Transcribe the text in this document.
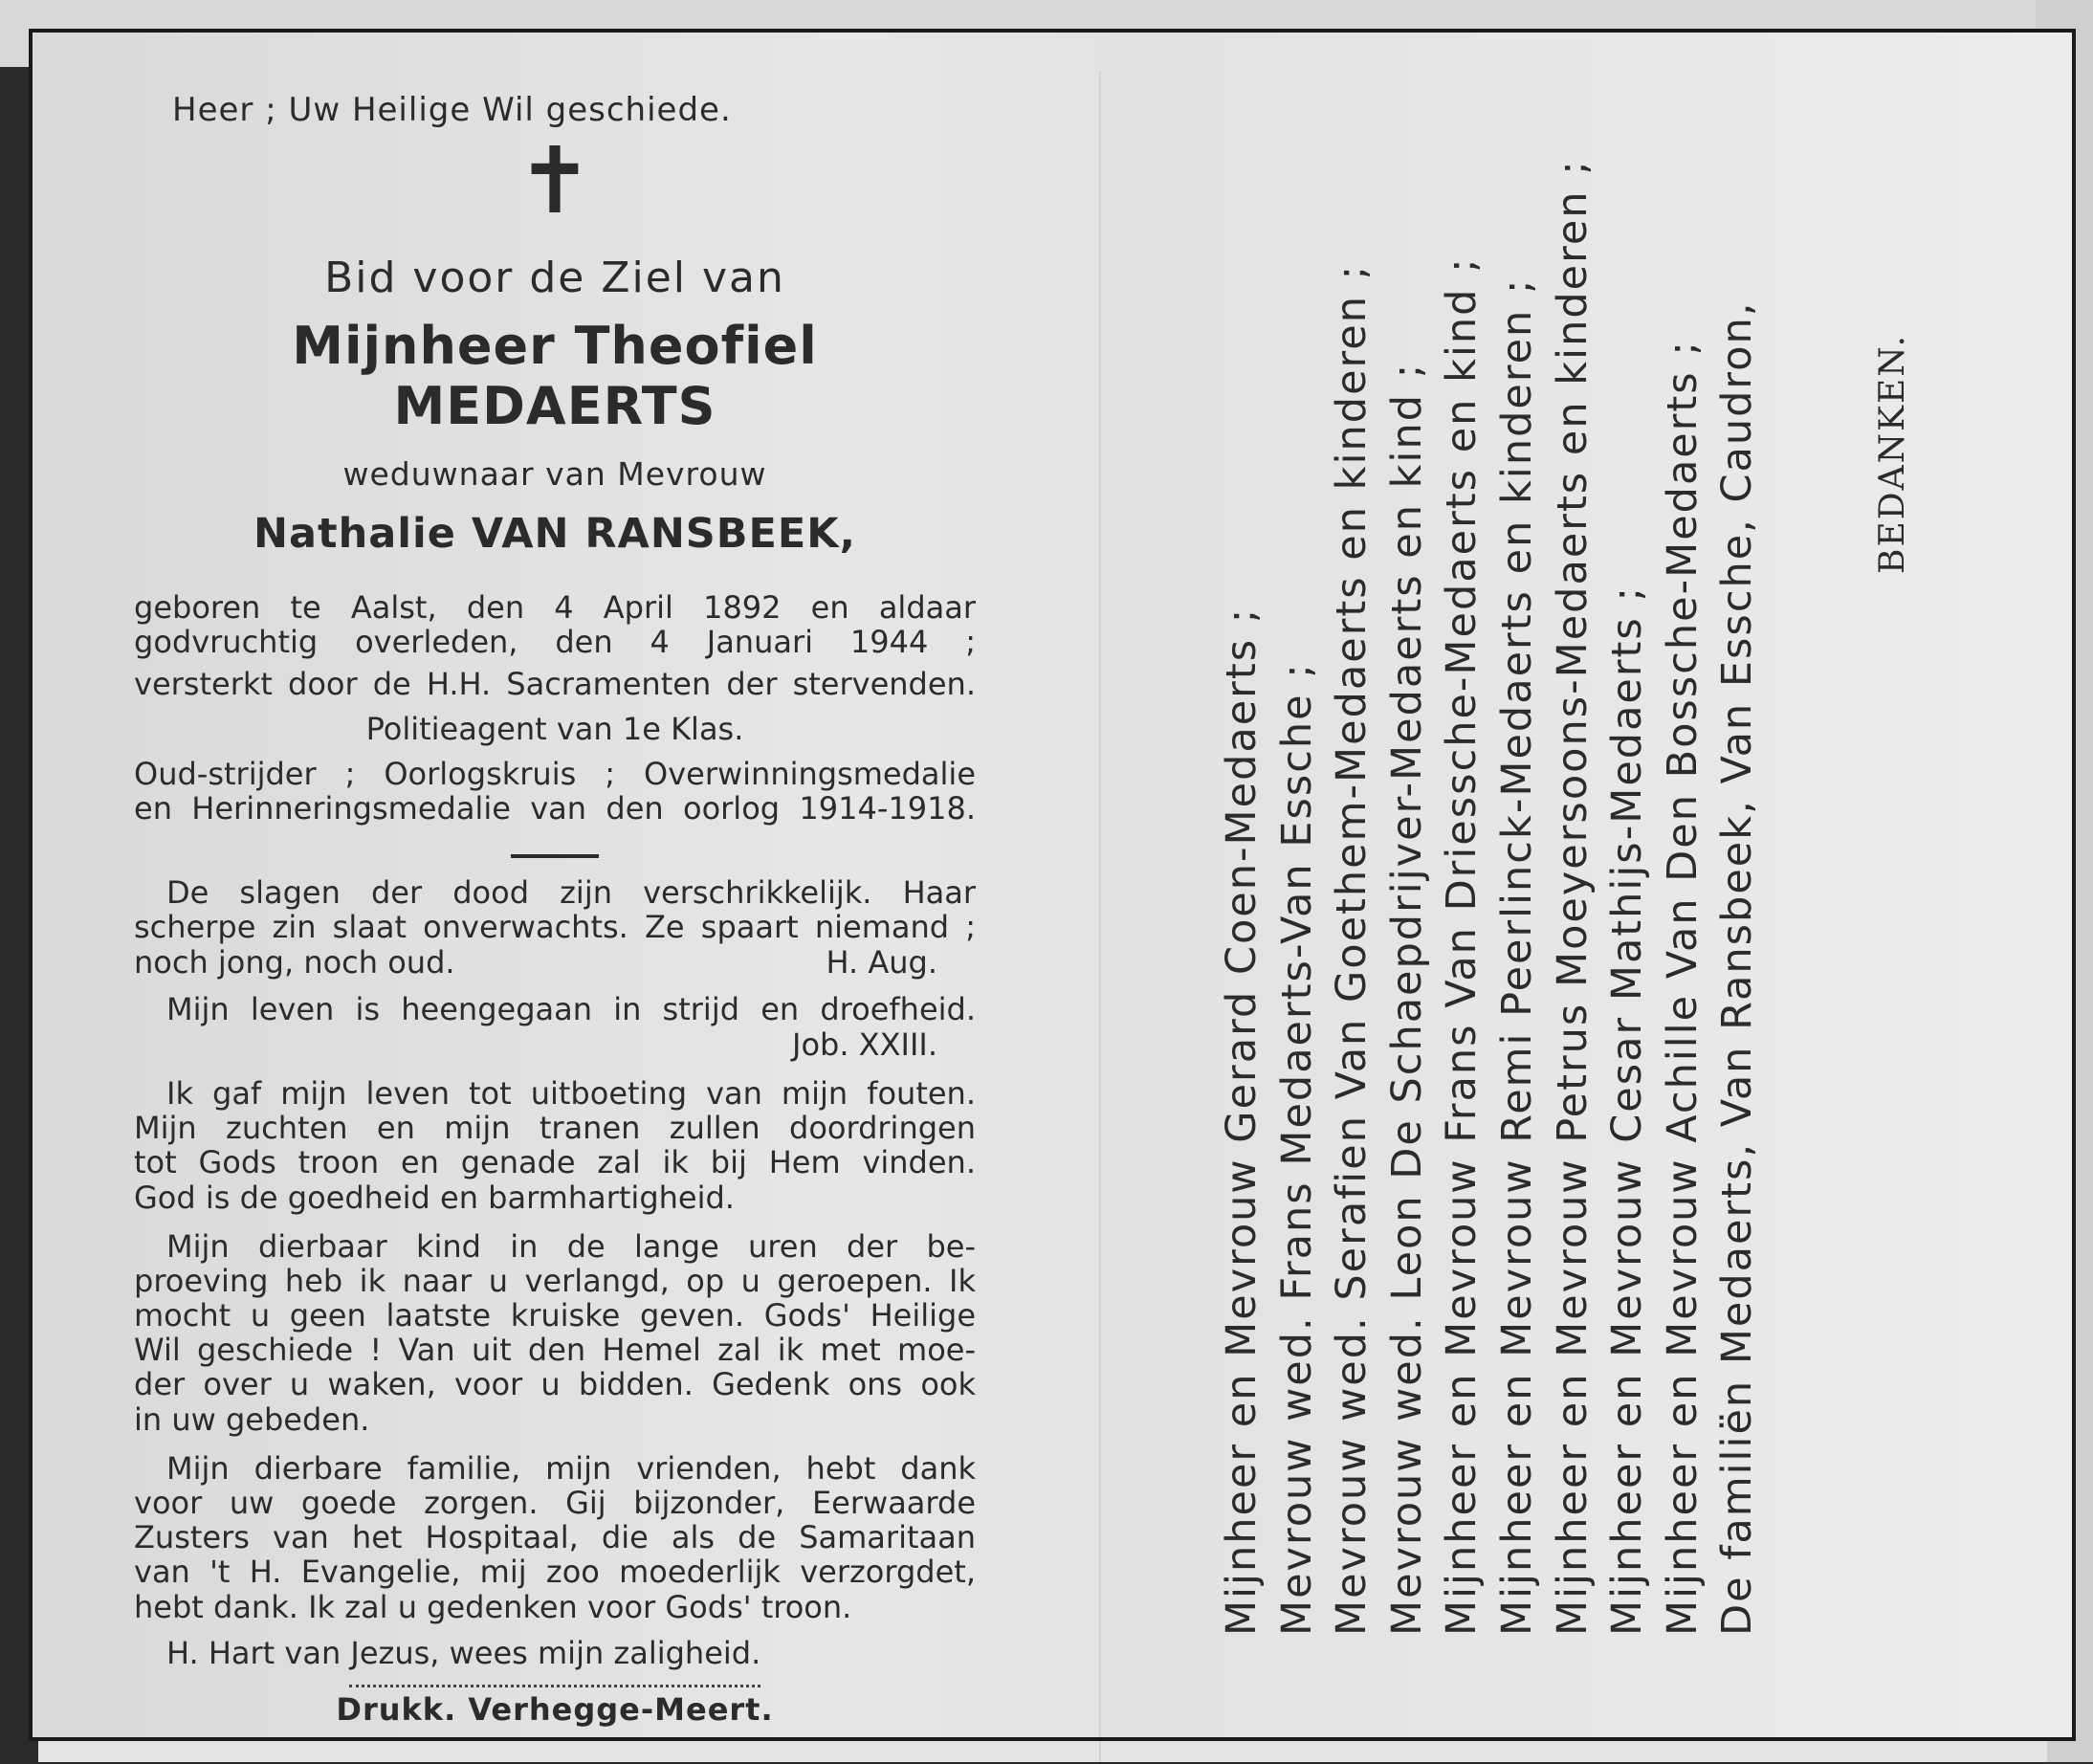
Heer ; Uw Heilige Wil geschiede.
✝
Bid voor de Ziel van
Mijnheer Theofiel MEDAERTS
weduwnaar van Mevrouw
Nathalie VAN RANSBEEK,
geboren te Aalst, den 4 April 1892 en aldaar
godvruchtig overleden, den 4 Januari 1944 ;
versterkt door de H.H. Sacramenten der stervenden.
Politieagent van 1e Klas.
Oud-strijder ; Oorlogskruis ; Overwinningsmedalie
en Herinneringsmedalie van den oorlog 1914-1918.
De slagen der dood zijn verschrikkelijk. Haar
scherpe zin slaat onverwachts. Ze spaart niemand ;
noch jong, noch oud.	H. Aug.
Mijn leven is heengegaan in strijd en droefheid.
Job. XXIII.
Ik gaf mijn leven tot uitboeting van mijn fouten.
Mijn zuchten en mijn tranen zullen doordringen
tot Gods troon en genade zal ik bij Hem vinden.
God is de goedheid en barmhartigheid.
Mijn dierbaar kind in de lange uren der be-
proeving heb ik naar u verlangd, op u geroepen. Ik
mocht u geen laatste kruiske geven. Gods' Heilige
Wil geschiede ! Van uit den Hemel zal ik met moe-
der over u waken, voor u bidden. Gedenk ons ook
in uw gebeden.
Mijn dierbare familie, mijn vrienden, hebt dank
voor uw goede zorgen. Gij bijzonder, Eerwaarde
Zusters van het Hospitaal, die als de Samaritaan
van 't H. Evangelie, mij zoo moederlijk verzorgdet,
hebt dank. Ik zal u gedenken voor Gods' troon.
H. Hart van Jezus, wees mijn zaligheid.
Drukk. Verhegge-Meert.
Mijnheer en Mevrouw Gerard Coen-Medaerts ; Mevrouw wed. Frans Medaerts-Van Essche ; Mevrouw wed. Serafien Van Goethem-Medaerts en kinderen ; Mevrouw wed. Leon De Schaepdrijver-Medaerts en kind ; Mijnheer en Mevrouw Frans Van Driessche-Medaerts en kind ; Mijnheer en Mevrouw Remi Peerlinck-Medaerts en kinderen ; Mijnheer en Mevrouw Petrus Moeyersoons-Medaerts en kinderen ; Mijnheer en Mevrouw Cesar Mathijs-Medaerts ; Mijnheer en Mevrouw Achille Van Den Bossche-Medaerts ; De familiën Medaerts, Van Ransbeek, Van Essche, Caudron,	BEDANKEN.
